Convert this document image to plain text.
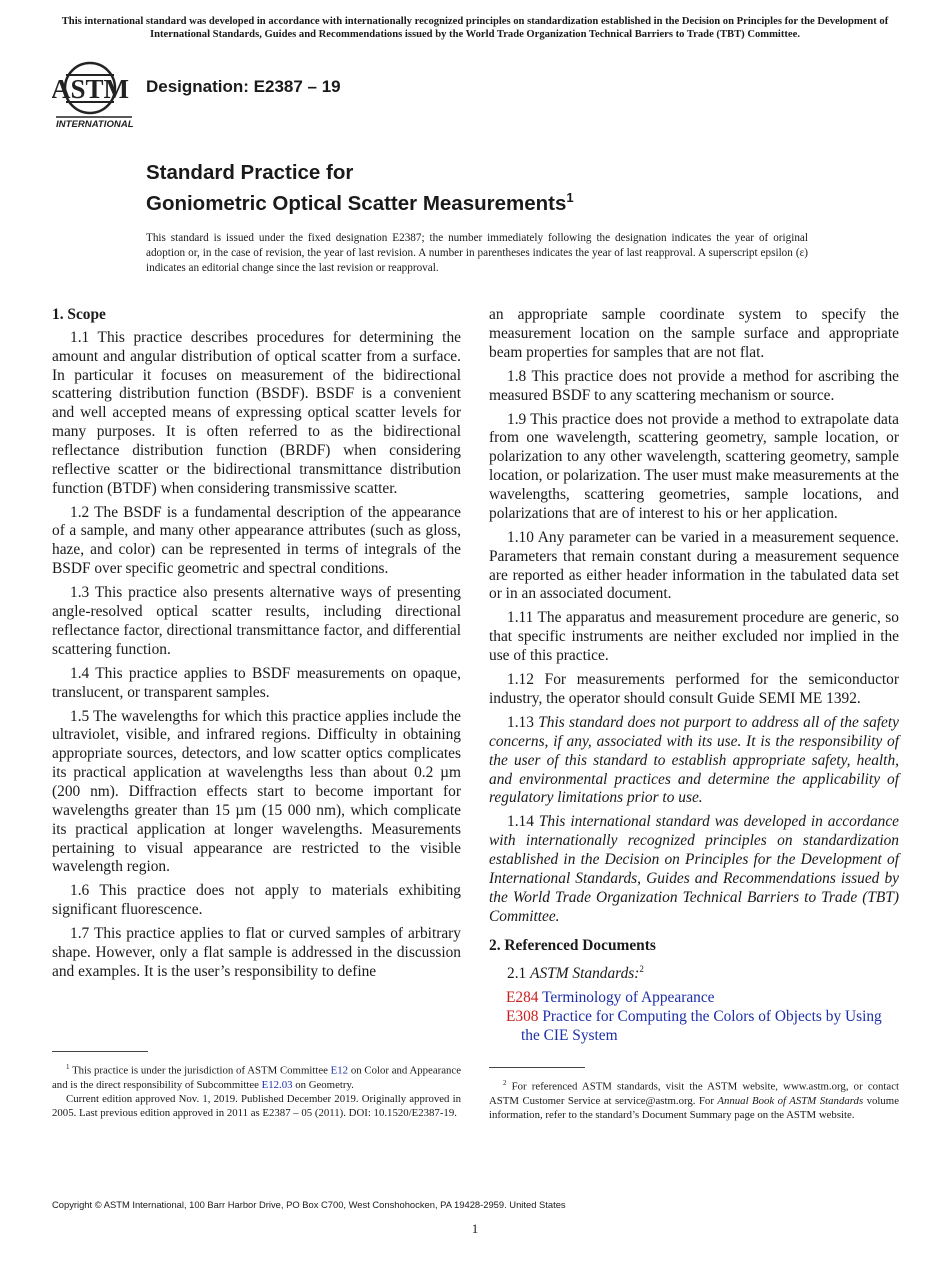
This international standard was developed in accordance with internationally recognized principles on standardization established in the Decision on Principles for the Development of International Standards, Guides and Recommendations issued by the World Trade Organization Technical Barriers to Trade (TBT) Committee.
ASTM
INTERNATIONAL
Designation: E2387 – 19
Standard Practice for
Goniometric Optical Scatter Measurements$^1$
This standard is issued under the fixed designation E2387; the number immediately following the designation indicates the year of original adoption or, in the case of revision, the year of last revision. A number in parentheses indicates the year of last reapproval. A superscript epsilon (ε) indicates an editorial change since the last revision or reapproval.
1. Scope

1.1 This practice describes procedures for determining the amount and angular distribution of optical scatter from a surface. In particular it focuses on measurement of the bidirectional scattering distribution function (BSDF). BSDF is a convenient and well accepted means of expressing optical scatter levels for many purposes. It is often referred to as the bidirectional reflectance distribution function (BRDF) when considering reflective scatter or the bidirectional transmittance distribution function (BTDF) when considering transmissive scatter.

1.2 The BSDF is a fundamental description of the appearance of a sample, and many other appearance attributes (such as gloss, haze, and color) can be represented in terms of integrals of the BSDF over specific geometric and spectral conditions.

1.3 This practice also presents alternative ways of presenting angle-resolved optical scatter results, including directional reflectance factor, directional transmittance factor, and differential scattering function.

1.4 This practice applies to BSDF measurements on opaque, translucent, or transparent samples.

1.5 The wavelengths for which this practice applies include the ultraviolet, visible, and infrared regions. Difficulty in obtaining appropriate sources, detectors, and low scatter optics complicates its practical application at wavelengths less than about 0.2 µm (200 nm). Diffraction effects start to become important for wavelengths greater than 15 µm (15 000 nm), which complicate its practical application at longer wavelengths. Measurements pertaining to visual appearance are restricted to the visible wavelength region.

1.6 This practice does not apply to materials exhibiting significant fluorescence.

1.7 This practice applies to flat or curved samples of arbitrary shape. However, only a flat sample is addressed in the discussion and examples. It is the user’s responsibility to define

$^1$ This practice is under the jurisdiction of ASTM Committee E12 on Color and Appearance and is the direct responsibility of Subcommittee E12.03 on Geometry.

Current edition approved Nov. 1, 2019. Published December 2019. Originally approved in 2005. Last previous edition approved in 2011 as E2387 – 05 (2011). DOI: 10.1520/E2387-19.

an appropriate sample coordinate system to specify the measurement location on the sample surface and appropriate beam properties for samples that are not flat.

1.8 This practice does not provide a method for ascribing the measured BSDF to any scattering mechanism or source.

1.9 This practice does not provide a method to extrapolate data from one wavelength, scattering geometry, sample location, or polarization to any other wavelength, scattering geometry, sample location, or polarization. The user must make measurements at the wavelengths, scattering geometries, sample locations, and polarizations that are of interest to his or her application.

1.10 Any parameter can be varied in a measurement sequence. Parameters that remain constant during a measurement sequence are reported as either header information in the tabulated data set or in an associated document.

1.11 The apparatus and measurement procedure are generic, so that specific instruments are neither excluded nor implied in the use of this practice.

1.12 For measurements performed for the semiconductor industry, the operator should consult Guide SEMI ME 1392.

1.13 This standard does not purport to address all of the safety concerns, if any, associated with its use. It is the responsibility of the user of this standard to establish appropriate safety, health, and environmental practices and determine the applicability of regulatory limitations prior to use.

1.14 This international standard was developed in accordance with internationally recognized principles on standardization established in the Decision on Principles for the Development of International Standards, Guides and Recommendations issued by the World Trade Organization Technical Barriers to Trade (TBT) Committee.

2. Referenced Documents

2.1 ASTM Standards:$^2$

E284 Terminology of Appearance
E308 Practice for Computing the Colors of Objects by Using
the CIE System

$^2$ For referenced ASTM standards, visit the ASTM website, www.astm.org, or contact ASTM Customer Service at service@astm.org. For Annual Book of ASTM Standards volume information, refer to the standard’s Document Summary page on the ASTM website.

Copyright © ASTM International, 100 Barr Harbor Drive, PO Box C700, West Conshohocken, PA 19428-2959. United States
1
